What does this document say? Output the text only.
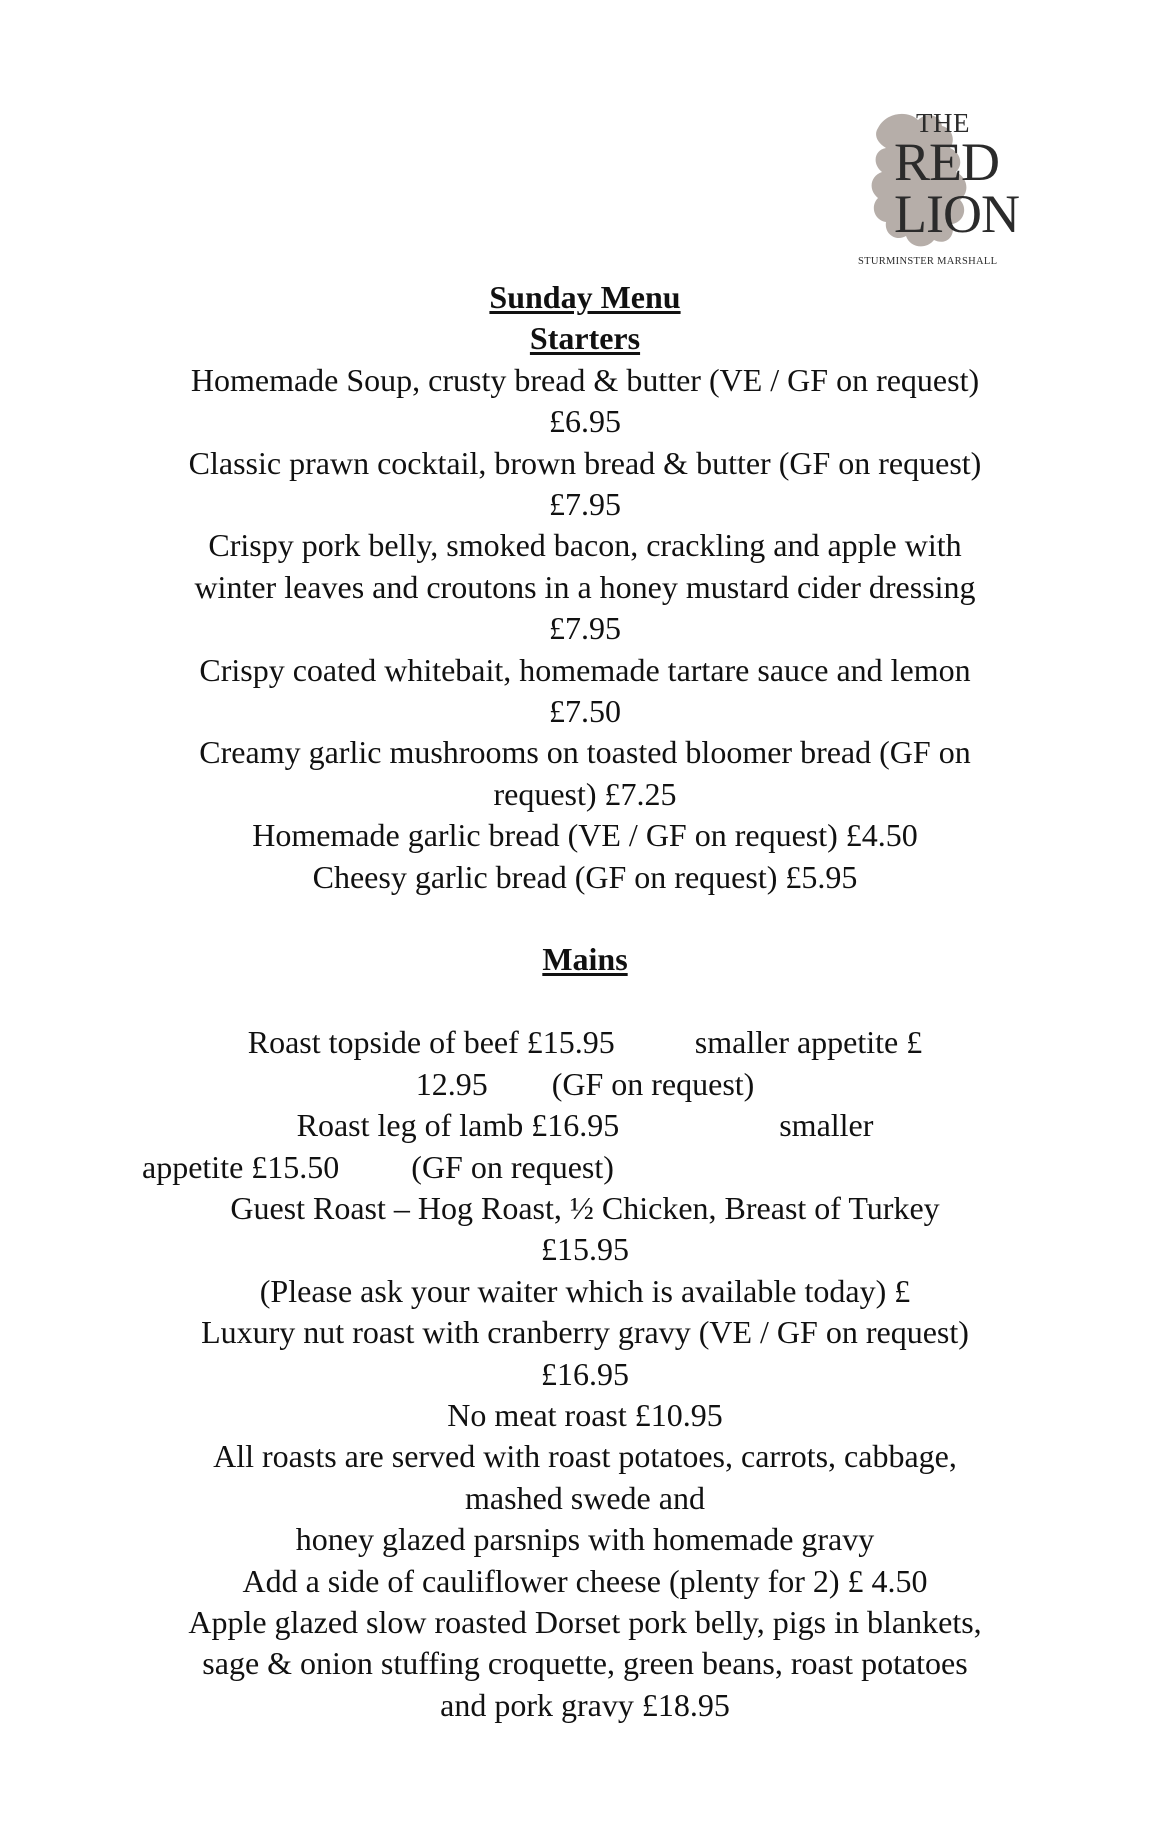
THE
RED
LION
STURMINSTER MARSHALL

Sunday Menu

Starters

Homemade Soup, crusty bread & butter (VE / GF on request)

£6.95

Classic prawn cocktail, brown bread & butter (GF on request)

£7.95

Crispy pork belly, smoked bacon, crackling and apple with

winter leaves and croutons in a honey mustard cider dressing

£7.95

Crispy coated whitebait, homemade tartare sauce and lemon

£7.50

Creamy garlic mushrooms on toasted bloomer bread (GF on

request) £7.25

Homemade garlic bread (VE / GF on request) £4.50

Cheesy garlic bread (GF on request) £5.95

Mains

Roast topside of beef £15.95          smaller appetite £

12.95        (GF on request)

Roast leg of lamb £16.95                    smaller

appetite £15.50         (GF on request)

Guest Roast – Hog Roast, ½ Chicken, Breast of Turkey

£15.95

(Please ask your waiter which is available today) £

Luxury nut roast with cranberry gravy (VE / GF on request)

£16.95

No meat roast £10.95

All roasts are served with roast potatoes, carrots, cabbage,

mashed swede and

honey glazed parsnips with homemade gravy

Add a side of cauliflower cheese (plenty for 2) £ 4.50

Apple glazed slow roasted Dorset pork belly, pigs in blankets,

sage & onion stuffing croquette, green beans, roast potatoes

and pork gravy £18.95
